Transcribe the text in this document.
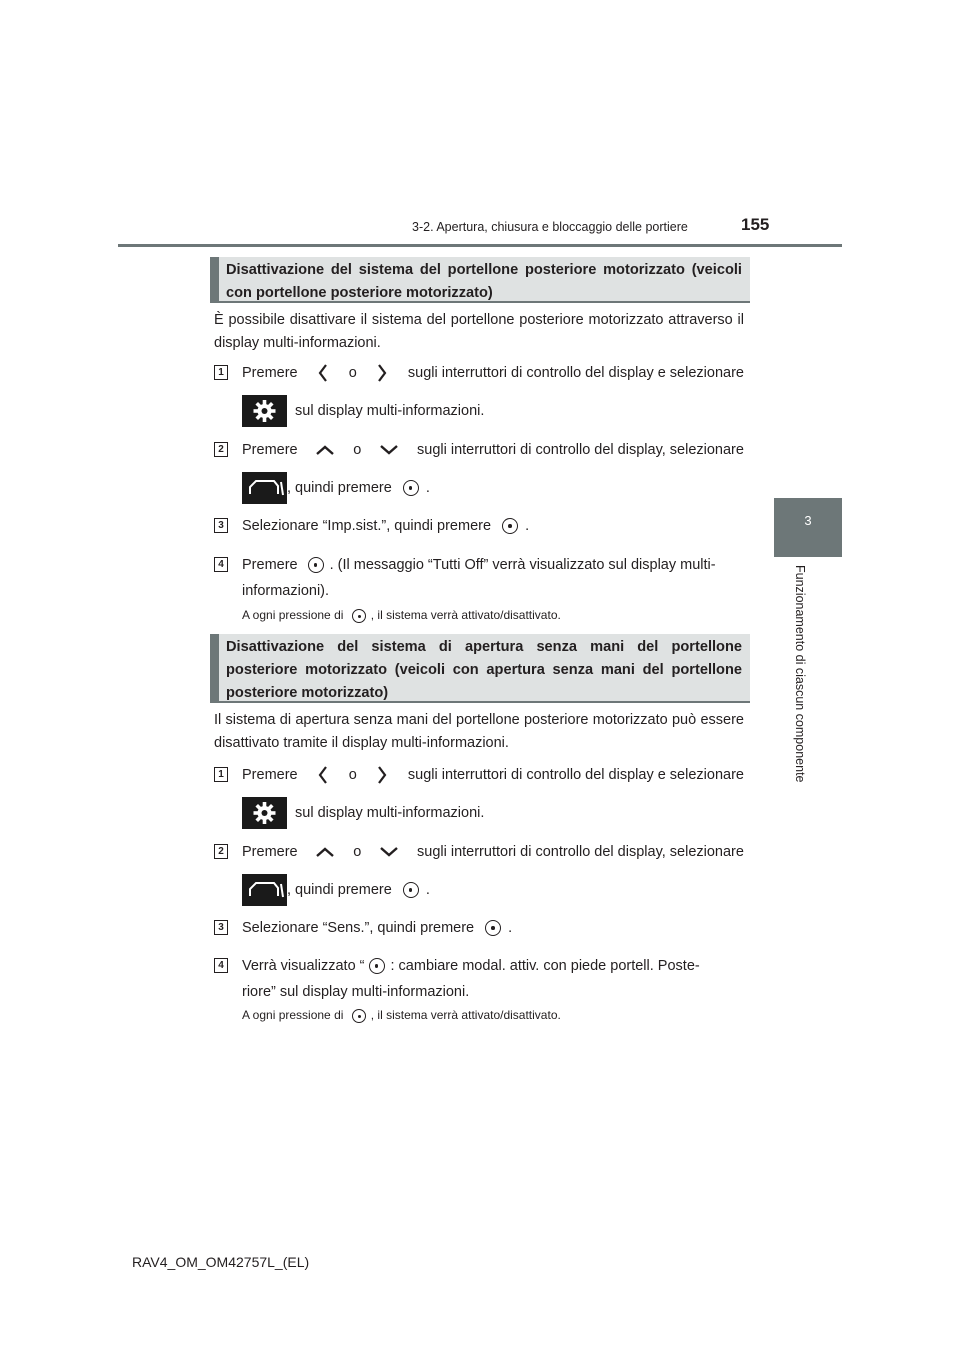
3-2. Apertura, chiusura e bloccaggio delle portiere	155
3
Funzionamento di ciascun componente
Disattivazione del sistema del portellone posteriore motorizzato (veicoli con portellone posteriore motorizzato)
È possibile disattivare il sistema del portellone posteriore motorizzato attraverso il display multi-informazioni.
1 Premere	o	sugli interruttori di controllo del display e selezionare
sul display multi-informazioni.
2 Premere	o	sugli interruttori di controllo del display, selezionare
, quindi premere .
3 Selezionare “Imp.sist.”, quindi premere .
4 Premere . (Il messaggio “Tutti Off” verrà visualizzato sul display multi-
informazioni).
A ogni pressione di , il sistema verrà attivato/disattivato.
Disattivazione del sistema di apertura senza mani del portellone posteriore motorizzato (veicoli con apertura senza mani del portellone posteriore motorizzato)
Il sistema di apertura senza mani del portellone posteriore motorizzato può essere disattivato tramite il display multi-informazioni.
1 Premere	o	sugli interruttori di controllo del display e selezionare
sul display multi-informazioni.
2 Premere	o	sugli interruttori di controllo del display, selezionare
, quindi premere .
3 Selezionare “Sens.”, quindi premere .
4 Verrà visualizzato “ : cambiare modal. attiv. con piede portell. Poste-
riore” sul display multi-informazioni.
A ogni pressione di , il sistema verrà attivato/disattivato.
RAV4_OM_OM42757L_(EL)
